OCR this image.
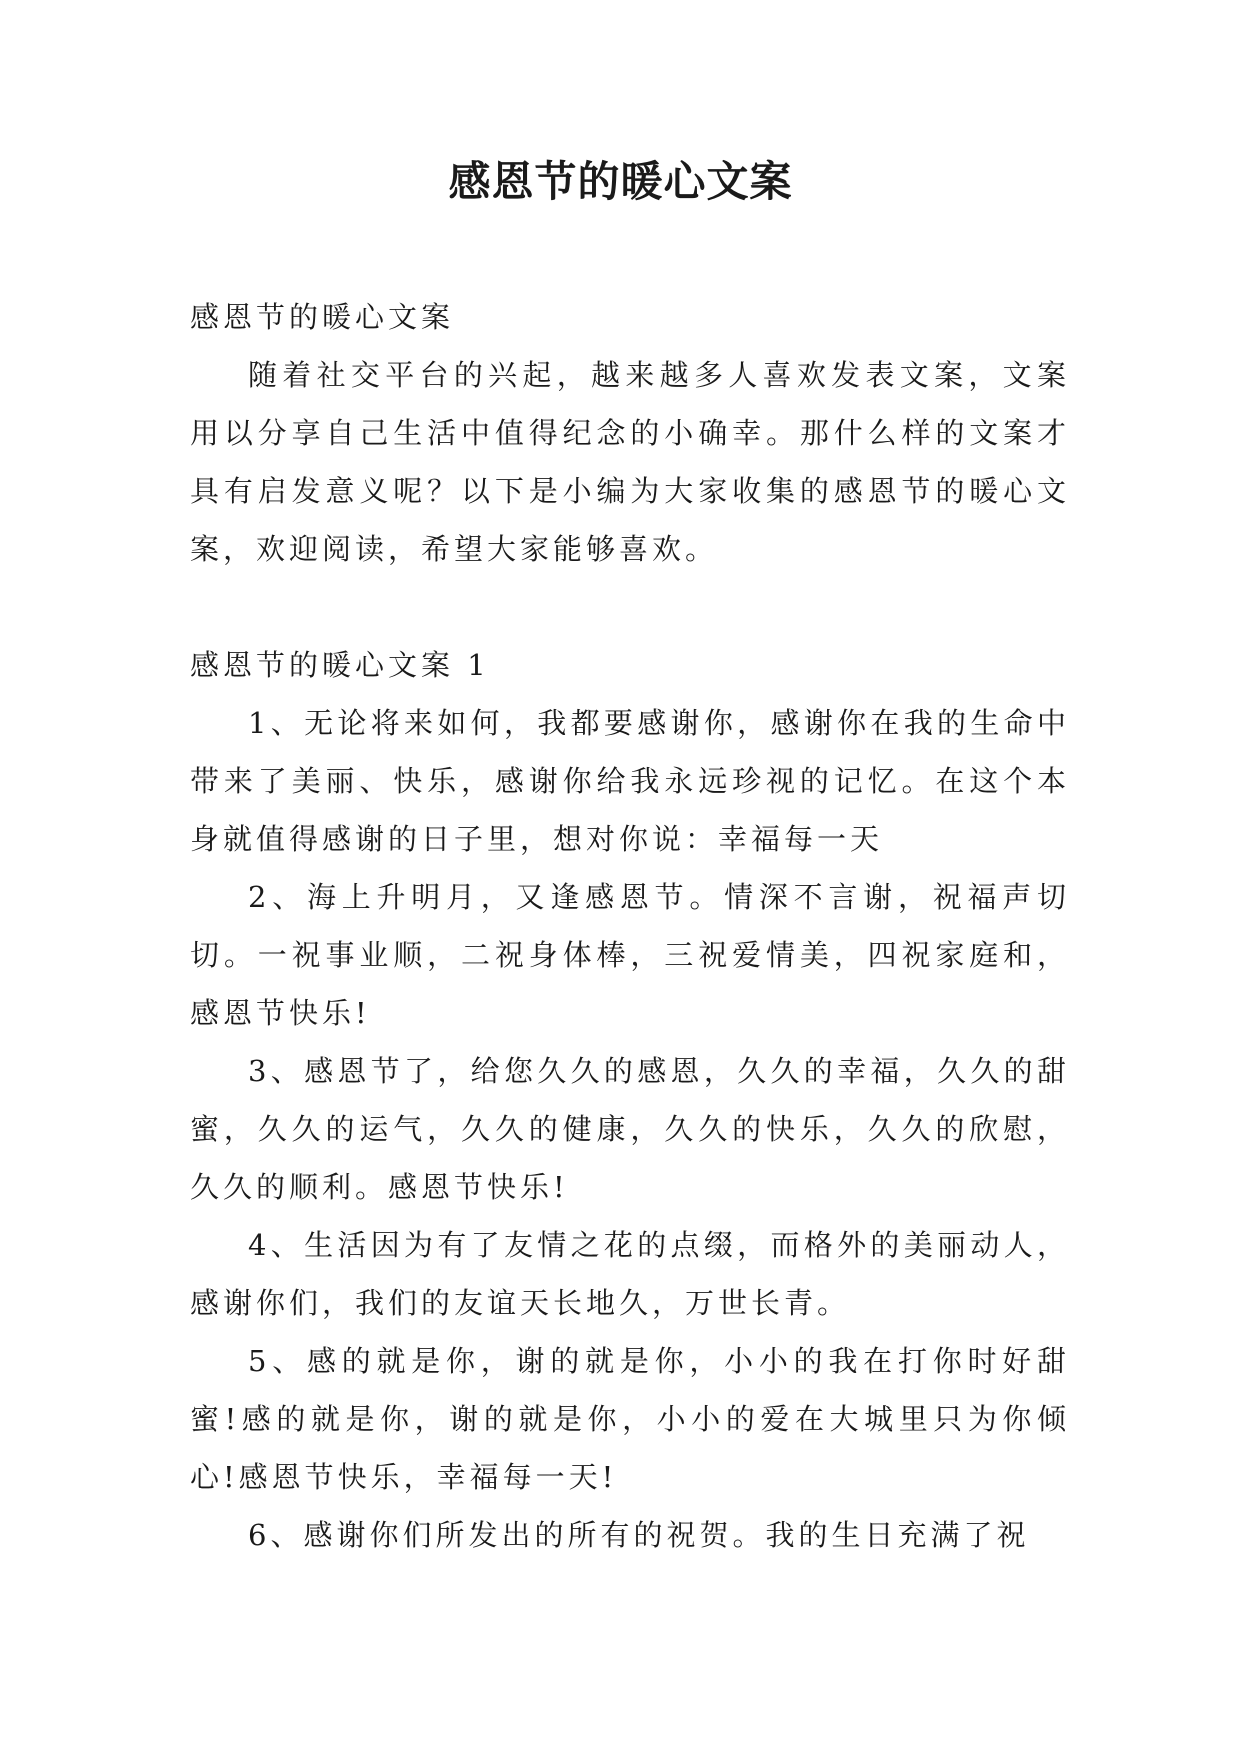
感恩节的暖心文案

感恩节的暖心文案

随着社交平台的兴起，越来越多人喜欢发表文案，文案用以分享自己生活中值得纪念的小确幸。那什么样的文案才具有启发意义呢？以下是小编为大家收集的感恩节的暖心文案，欢迎阅读，希望大家能够喜欢。

感恩节的暖心文案 1

1、无论将来如何，我都要感谢你，感谢你在我的生命中带来了美丽、快乐，感谢你给我永远珍视的记忆。在这个本身就值得感谢的日子里，想对你说：幸福每一天

2、海上升明月，又逢感恩节。情深不言谢，祝福声切切。一祝事业顺，二祝身体棒，三祝爱情美，四祝家庭和，感恩节快乐!

3、感恩节了，给您久久的感恩，久久的幸福，久久的甜蜜，久久的运气，久久的健康，久久的快乐，久久的欣慰，久久的顺利。感恩节快乐!

4、生活因为有了友情之花的点缀，而格外的美丽动人，感谢你们，我们的友谊天长地久，万世长青。

5、感的就是你，谢的就是你，小小的我在打你时好甜蜜!感的就是你，谢的就是你，小小的爱在大城里只为你倾心!感恩节快乐，幸福每一天!

6、感谢你们所发出的所有的祝贺。我的生日充满了祝
